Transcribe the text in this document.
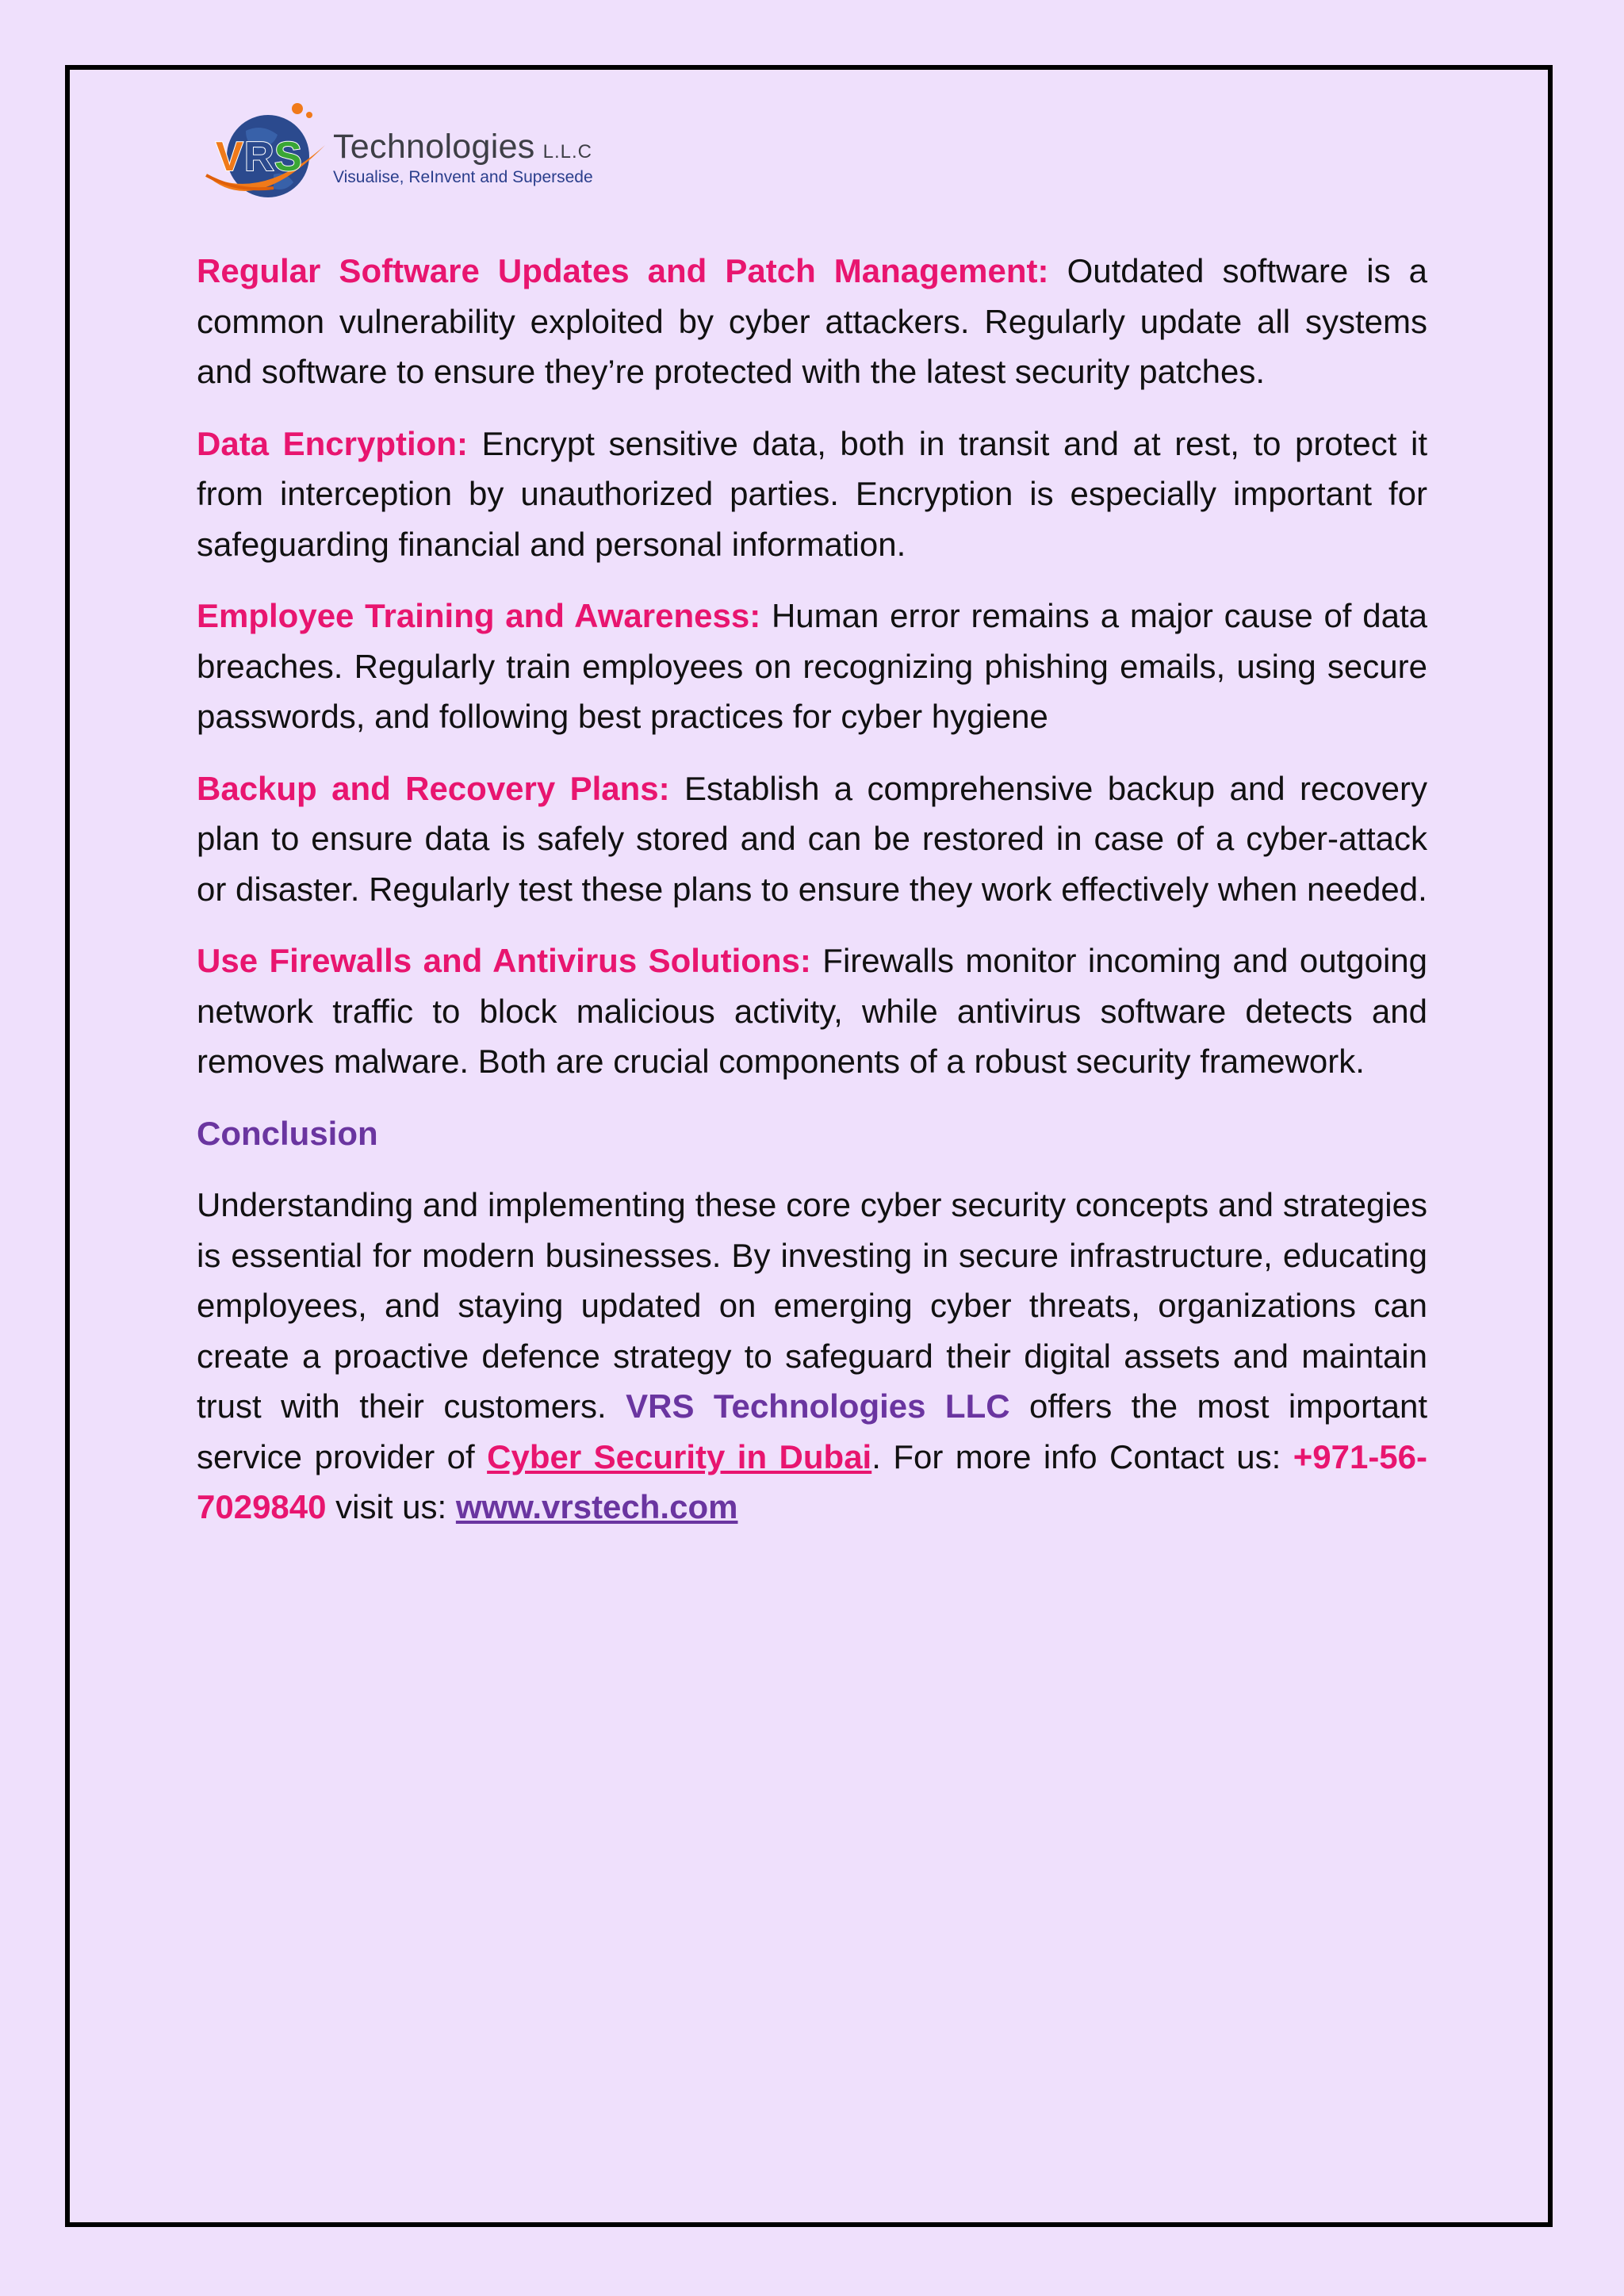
V R S Technologies L.L.C
Visualise, ReInvent and Supersede

Regular Software Updates and Patch Management: Outdated software is a common vulnerability exploited by cyber attackers. Regularly update all systems and software to ensure they’re protected with the latest security patches.

Data Encryption: Encrypt sensitive data, both in transit and at rest, to protect it from interception by unauthorized parties. Encryption is especially important for safeguarding financial and personal information.

Employee Training and Awareness: Human error remains a major cause of data breaches. Regularly train employees on recognizing phishing emails, using secure passwords, and following best practices for cyber hygiene

Backup and Recovery Plans: Establish a comprehensive backup and recovery plan to ensure data is safely stored and can be restored in case of a cyber-attack or disaster. Regularly test these plans to ensure they work effectively when needed.

Use Firewalls and Antivirus Solutions: Firewalls monitor incoming and outgoing network traffic to block malicious activity, while antivirus software detects and removes malware. Both are crucial components of a robust security framework.

Conclusion

Understanding and implementing these core cyber security concepts and strategies is essential for modern businesses. By investing in secure infrastructure, educating employees, and staying updated on emerging cyber threats, organizations can create a proactive defence strategy to safeguard their digital assets and maintain trust with their customers. VRS Technologies LLC offers the most important service provider of Cyber Security in Dubai. For more info Contact us: +971-56-7029840 visit us: www.vrstech.com
